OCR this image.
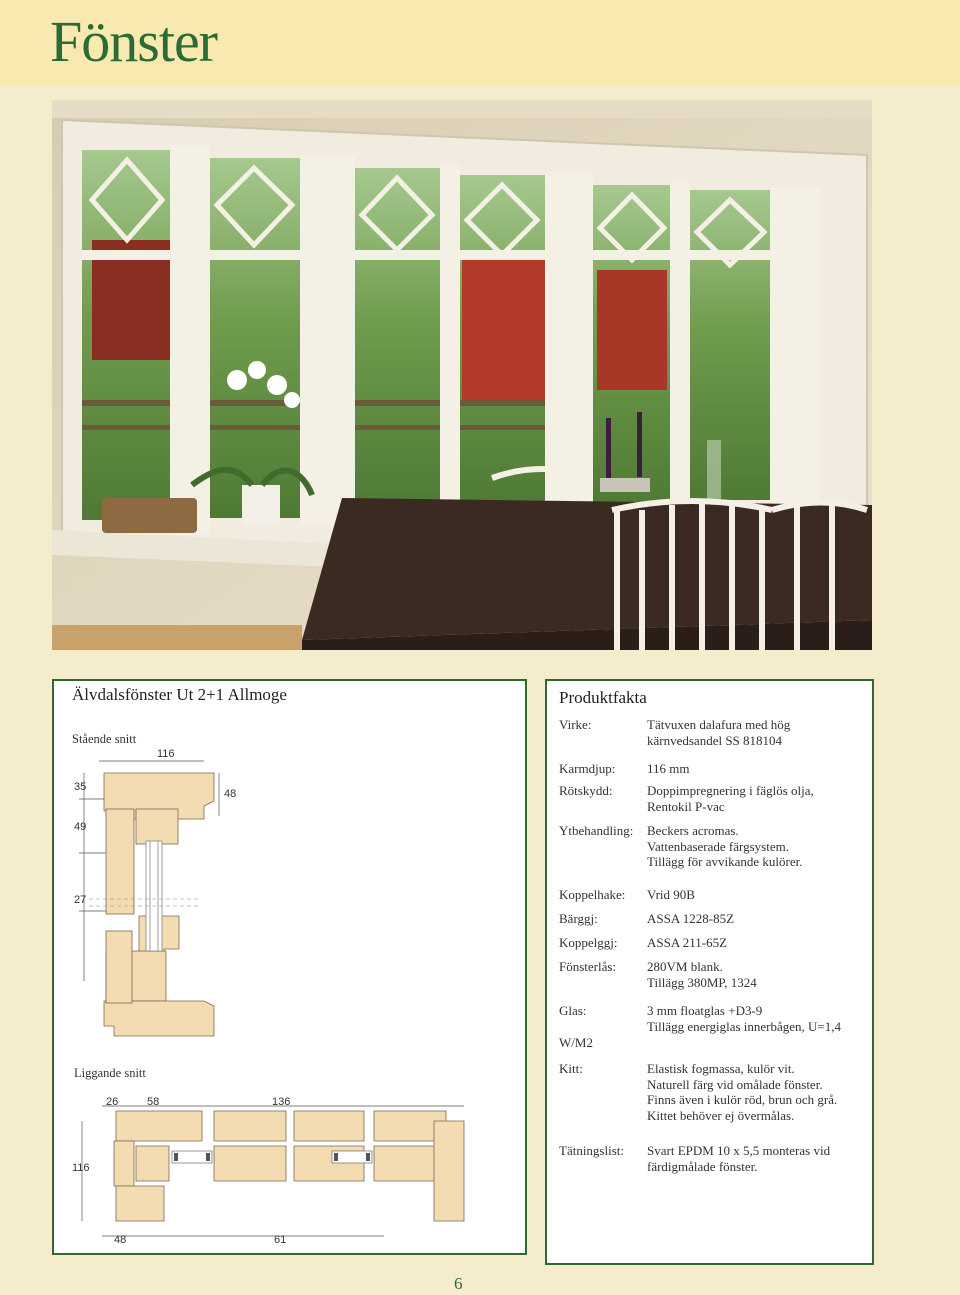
Fönster
Älvdalsfönster Ut 2+1 Allmoge
Stående snitt
Liggande snitt
116
35
49
48
27
26	58	136
116
48	61
Produktfakta
Virke:	Tätvuxen dalafura med hög
kärnvedsandel SS 818104
Karmdjup: 116 mm
Rötskydd:	Doppimpregnering i fäglös olja,
Rentokil P-vac
Ytbehandling: Beckers acromas.
Vattenbaserade färgsystem.
Tillägg för avvikande kulörer.
Koppelhake: Vrid 90B
Bärggj:	ASSA 1228-85Z
Koppelggj: ASSA 211-65Z
Fönsterlås: 280VM blank.
Tillägg 380MP, 1324
Glas:	3 mm floatglas +D3-9
Tillägg energiglas innerbågen, U=1,4
W/M2
Kitt:	Elastisk fogmassa, kulör vit.
Naturell färg vid omålade fönster.
Finns även i kulör röd, brun och grå.
Kittet behöver ej övermålas.
Tätningslist: Svart EPDM 10 x 5,5 monteras vid
färdigmålade fönster.
6
